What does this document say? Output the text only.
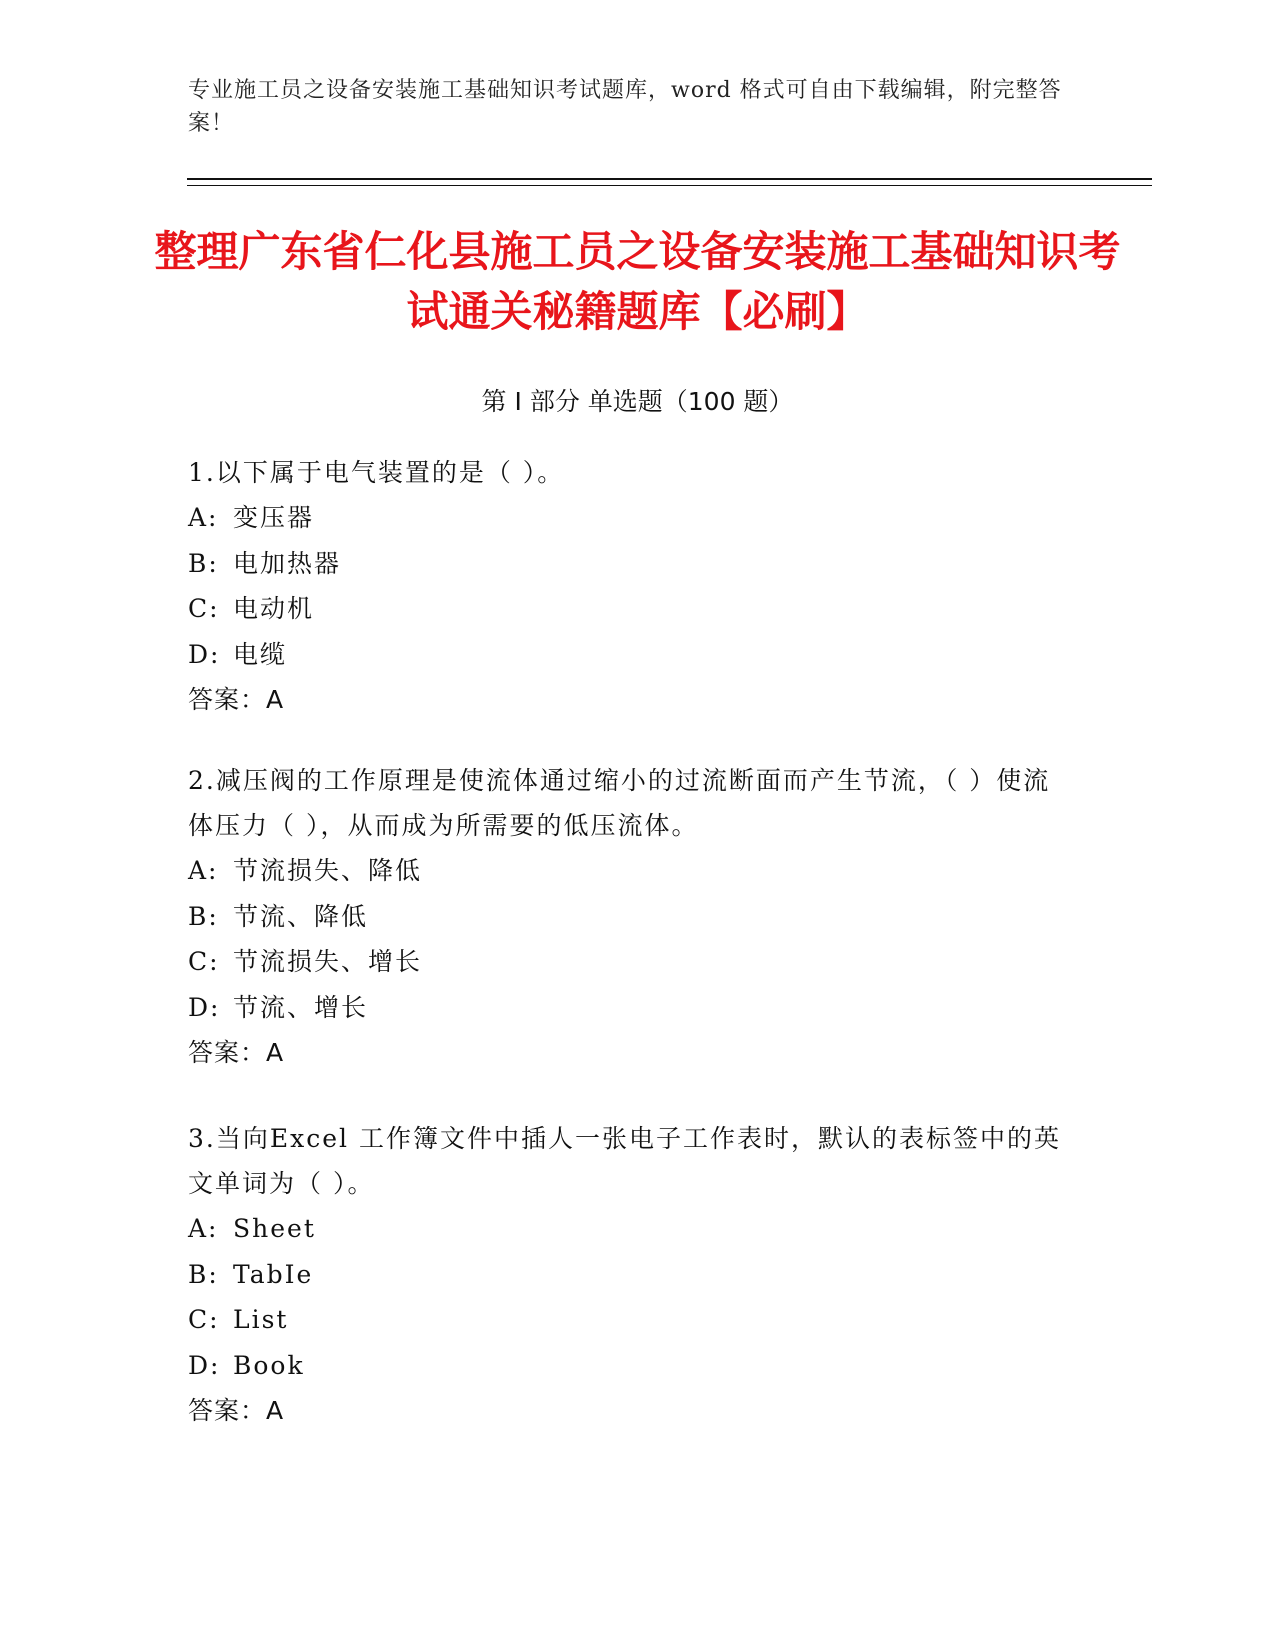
专业施工员之设备安装施工基础知识考试题库，word 格式可自由下载编辑，附完整答案！
整理广东省仁化县施工员之设备安装施工基础知识考试通关秘籍题库【必刷】
第 I 部分 单选题（100 题）
1.以下属于电气装置的是（ ）。
A: 变压器
B: 电加热器
C: 电动机
D: 电缆
答案：A
2.减压阀的工作原理是使流体通过缩小的过流断面而产生节流，（ ）使流体压力（ ），从而成为所需要的低压流体。
A: 节流损失、降低
B: 节流、降低
C: 节流损失、增长
D: 节流、增长
答案：A
3.当向Excel 工作簿文件中插人一张电子工作表时，默认的表标签中的英文单词为（ ）。
A: Sheet
B: TabIe
C: List
D: Book
答案：A
